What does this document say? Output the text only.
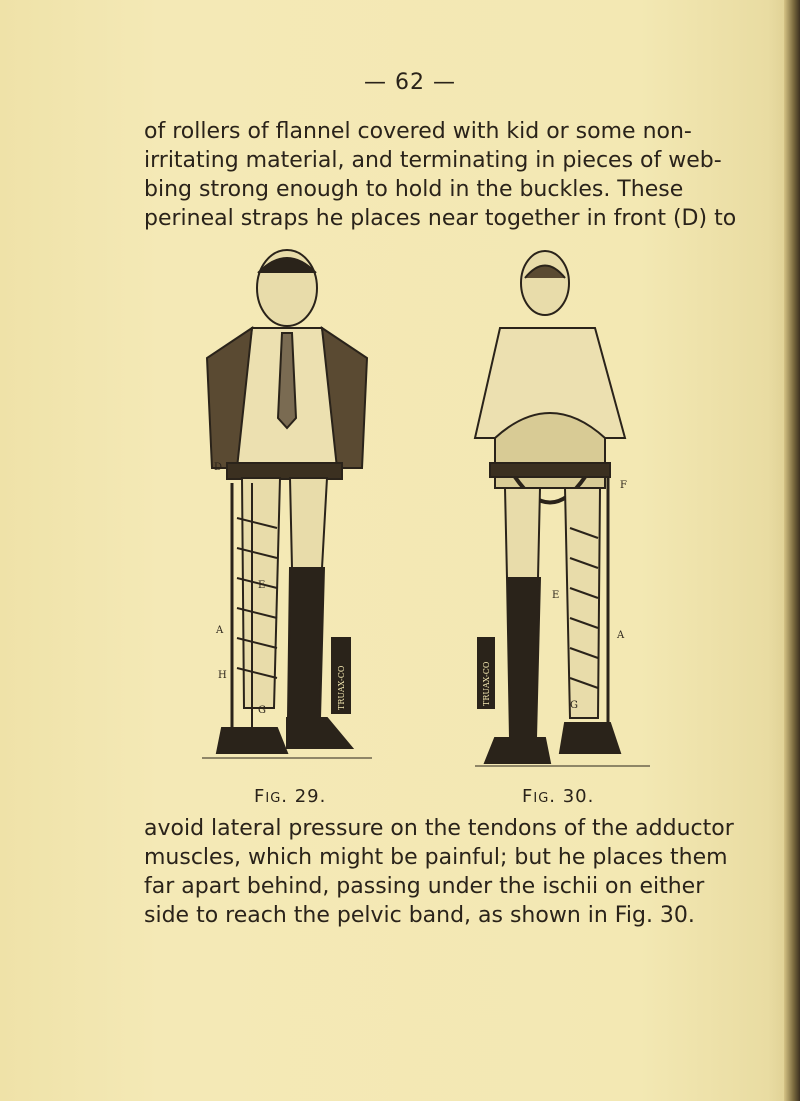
— 62 —
of rollers of flannel covered with kid or some non-
irritating material, and terminating in pieces of web-
bing strong enough to hold in the buckles. These
perineal straps he places near together in front (D) to
D
E
A
H
G
TRUAX-CO
E
F
A
G
TRUAX-CO
Fig. 29.	Fig. 30.
avoid lateral pressure on the tendons of the adductor
muscles, which might be painful; but he places them
far apart behind, passing under the ischii on either
side to reach the pelvic band, as shown in Fig. 30.
